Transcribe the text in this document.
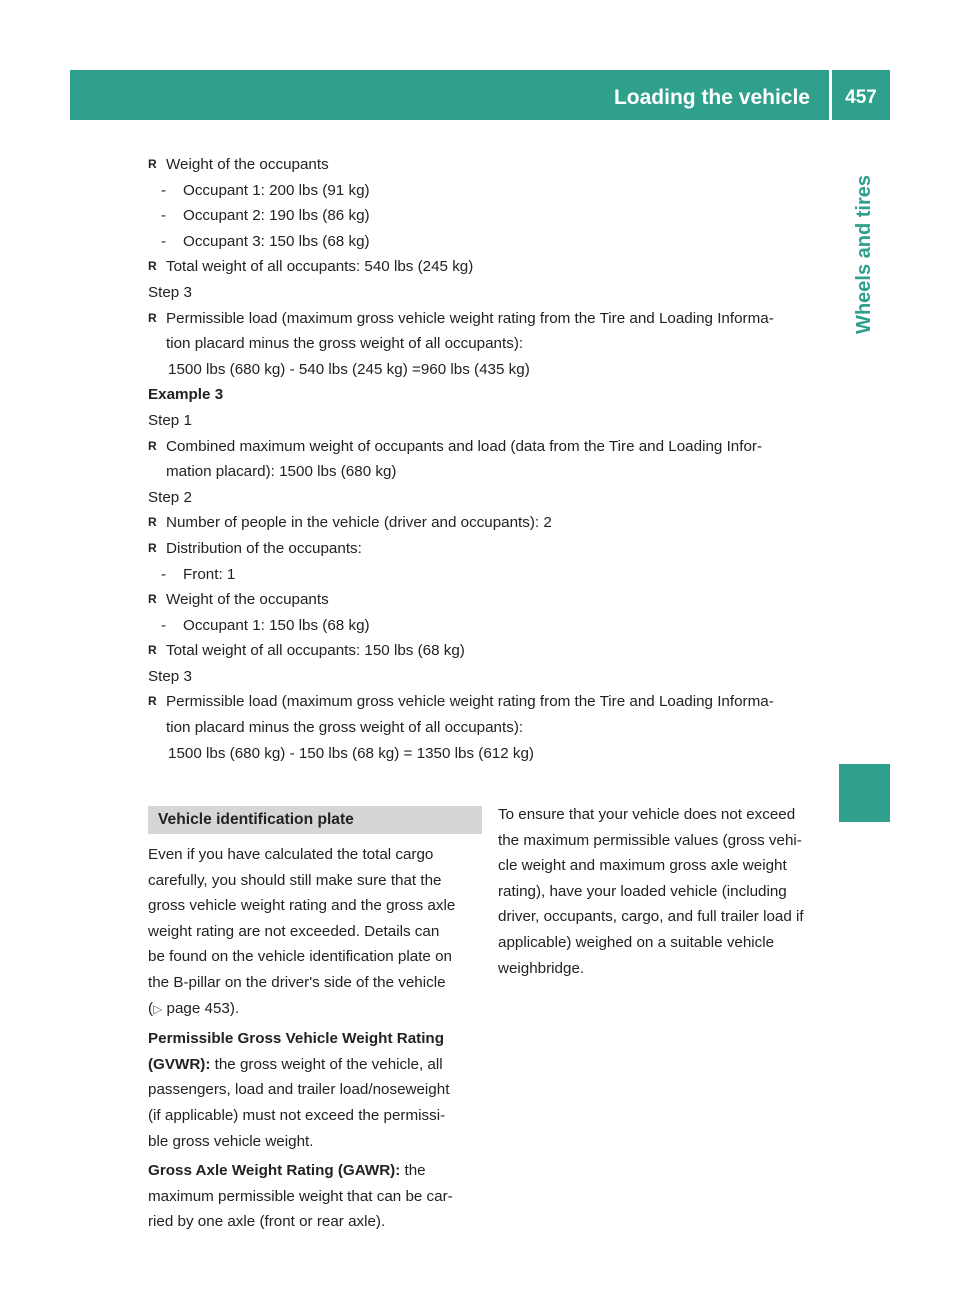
Loading the vehicle	457
Wheels and tires
R Weight of the occupants
- Occupant 1: 200 lbs (91 kg)
- Occupant 2: 190 lbs (86 kg)
- Occupant 3: 150 lbs (68 kg)
R Total weight of all occupants: 540 lbs (245 kg)
Step 3
R Permissible load (maximum gross vehicle weight rating from the Tire and Loading Informa-
tion placard minus the gross weight of all occupants):
1500 lbs (680 kg) - 540 lbs (245 kg) =960 lbs (435 kg)
Example 3
Step 1
R Combined maximum weight of occupants and load (data from the Tire and Loading Infor-
mation placard): 1500 lbs (680 kg)
Step 2
R Number of people in the vehicle (driver and occupants): 2
R Distribution of the occupants:
- Front: 1
R Weight of the occupants
- Occupant 1: 150 lbs (68 kg)
R Total weight of all occupants: 150 lbs (68 kg)
Step 3
R Permissible load (maximum gross vehicle weight rating from the Tire and Loading Informa-
tion placard minus the gross weight of all occupants):
1500 lbs (680 kg) - 150 lbs (68 kg) = 1350 lbs (612 kg)
Vehicle identification plate
Even if you have calculated the total cargo
carefully, you should still make sure that the
gross vehicle weight rating and the gross axle
weight rating are not exceeded. Details can
be found on the vehicle identification plate on
the B-pillar on the driver's side of the vehicle
(▷ page 453).
Permissible Gross Vehicle Weight Rating
(GVWR): the gross weight of the vehicle, all
passengers, load and trailer load/noseweight
(if applicable) must not exceed the permissi-
ble gross vehicle weight.
Gross Axle Weight Rating (GAWR): the
maximum permissible weight that can be car-
ried by one axle (front or rear axle).
To ensure that your vehicle does not exceed
the maximum permissible values (gross vehi-
cle weight and maximum gross axle weight
rating), have your loaded vehicle (including
driver, occupants, cargo, and full trailer load if
applicable) weighed on a suitable vehicle
weighbridge.
